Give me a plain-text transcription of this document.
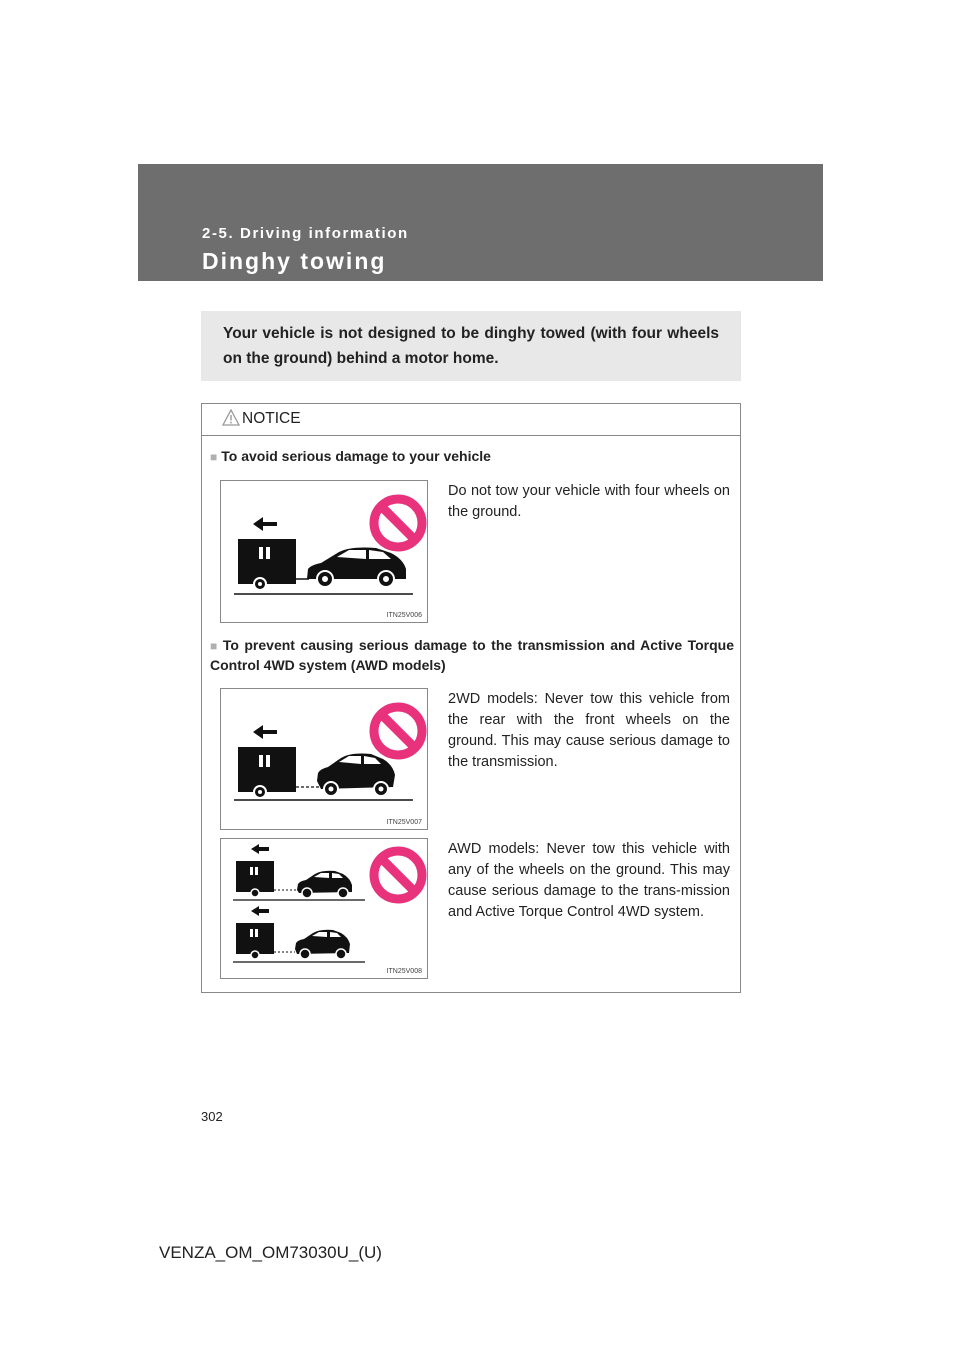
2-5. Driving information
Dinghy towing
Your vehicle is not designed to be dinghy towed (with four wheels on the ground) behind a motor home.
NOTICE
■ To avoid serious damage to your vehicle
ITN25V006
Do not tow your vehicle with four wheels on the ground.
■ To prevent causing serious damage to the transmission and Active Torque Control 4WD system (AWD models)
ITN25V007
2WD models: Never tow this vehicle from the rear with the front wheels on the ground. This may cause serious damage to the transmission.
ITN25V008
AWD models: Never tow this vehicle with any of the wheels on the ground. This may cause serious damage to the trans-mission and Active Torque Control 4WD system.
302
VENZA_OM_OM73030U_(U)
